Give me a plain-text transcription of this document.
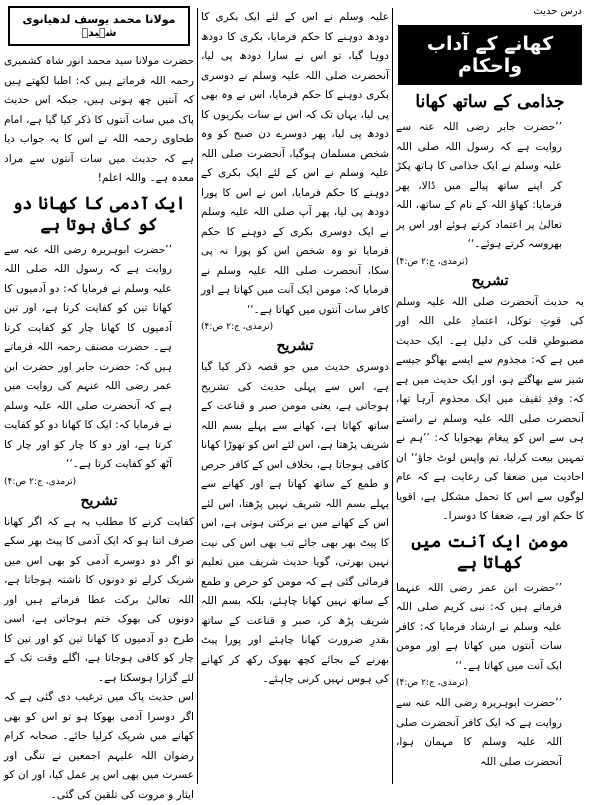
درس حدیث
کھانے کے آداب واحکام
جذامی کے ساتھ کھانا

’’حضرت جابر رضی اللہ عنہ سے روایت ہے کہ رسول اللہ صلی اللہ علیہ وسلم نے ایک جذامی کا ہاتھ پکڑ کر اپنے ساتھ پیالے میں ڈالا، پھر فرمایا: کھاؤ اللہ کے نام کے ساتھ، اللہ تعالیٰ پر اعتماد کرتے ہوئے اور اس پر بھروسہ کرتے ہوئے۔‘‘

(ترمذی، ج:۲ ص:۴)
تشریح

یہ حدیث آنحضرت صلی اللہ علیہ وسلم کی قوتِ توکل، اعتمادِ علی اللہ اور مضبوطیِ قلب کی دلیل ہے۔ ایک حدیث میں ہے کہ: مجذوم سے ایسے بھاگو جیسے شیر سے بھاگتے ہو، اور ایک حدیث میں ہے کہ: وفدِ ثقیف میں ایک مجذوم آرہا تھا، آنحضرت صلی اللہ علیہ وسلم نے راستے ہی سے اس کو پیغام بھجوایا کہ: ’’ہم نے تمہیں بیعت کرلیا، تم واپس لوٹ جاؤ‘‘ ان احادیث میں ضعفا کی رعایت ہے کہ عام لوگوں سے اس کا تحمل مشکل ہے، اقویا کا حکم اور ہے، ضعفا کا دوسرا۔

مومن ایک آنت میں کھاتا ہے

’’حضرت ابن عمر رضی اللہ عنہما فرماتے ہیں کہ: نبی کریم صلی اللہ علیہ وسلم نے ارشاد فرمایا کہ: کافر سات آنتوں میں کھاتا ہے اور مومن ایک آنت میں کھاتا ہے۔‘‘

(ترمذی، ج:۲ ص:۴)

’’حضرت ابوہریرہ رضی اللہ عنہ سے روایت ہے کہ ایک کافر آنحضرت صلی اللہ علیہ وسلم کا مہمان ہوا، آنحضرت صلی اللہ

علیہ وسلم نے اس کے لئے ایک بکری کا دودھ دوہنے کا حکم فرمایا، بکری کا دودھ دوہا گیا، تو اس نے سارا دودھ پی لیا، آنحضرت صلی اللہ علیہ وسلم نے دوسری بکری دوہنے کا حکم فرمایا، اس نے وہ بھی پی لیا، یہاں تک کہ اس نے سات بکریوں کا دودھ پی لیا، پھر دوسرے دن صبح کو وہ شخص مسلمان ہوگیا، آنحضرت صلی اللہ علیہ وسلم نے اس کے لئے ایک بکری کے دوہنے کا حکم فرمایا، اس نے اس کا پورا دودھ پی لیا، پھر آپ صلی اللہ علیہ وسلم نے ایک دوسری بکری کے دوہنے کا حکم فرمایا تو وہ شخص اس کو پورا نہ پی سکا، آنحضرت صلی اللہ علیہ وسلم نے فرمایا کہ: مومن ایک آنت میں کھاتا ہے اور کافر سات آنتوں میں کھاتا ہے۔‘‘

(ترمذی، ج:۲ ص:۴)
تشریح

دوسری حدیث میں جو قصہ ذکر کیا گیا ہے، اس سے پہلی حدیث کی تشریح ہوجاتی ہے، یعنی مومن صبر و قناعت کے ساتھ کھاتا ہے، کھانے سے پہلے بسم اللہ شریف پڑھتا ہے، اس لئے اس کو تھوڑا کھانا کافی ہوجاتا ہے، بخلاف اس کے کافر حرص و طمع کے ساتھ کھاتا ہے اور کھانے سے پہلے بسم اللہ شریف نہیں پڑھتا، اس لئے اس کے کھانے میں بے برکتی ہوتی ہے، اس کا پیٹ بھر بھی جائے تب بھی اس کی نیت نہیں بھرتی، گویا حدیث شریف میں تعلیم فرمائی گئی ہے کہ مومن کو حرص و طمع کے ساتھ نہیں کھانا چاہئے، بلکہ بسم اللہ شریف پڑھ کر، صبر و قناعت کے ساتھ بقدرِ ضرورت کھانا چاہئے اور پورا پیٹ بھرنے کے بجائے کچھ بھوک رکھ کر کھانے کی ہوس نہیں کرنی چاہئے۔

مولانا محمد یوسف لدھیانوی شہیدؒ

حضرت مولانا سید محمد انور شاہ کشمیری رحمہ اللہ فرماتے ہیں کہ: اطبا لکھتے ہیں کہ آنتیں چھ ہوتی ہیں، جبکہ اس حدیث پاک میں سات آنتوں کا ذکر کیا گیا ہے، امام طحاوی رحمہ اللہ نے اس کا یہ جواب دیا ہے کہ حدیث میں سات آنتوں سے مراد معدہ ہے۔ واللہ اعلم!

ایک آدمی کا کھانا دو کو کافی ہوتا ہے

’’حضرت ابوہریرہ رضی اللہ عنہ سے روایت ہے کہ رسول اللہ صلی اللہ علیہ وسلم نے فرمایا کہ: دو آدمیوں کا کھانا تین کو کفایت کرتا ہے، اور تین آدمیوں کا کھانا چار کو کفایت کرتا ہے۔ حضرت مصنف رحمہ اللہ فرماتے ہیں کہ: حضرت جابر اور حضرت ابن عمر رضی اللہ عنہم کی روایت میں ہے کہ آنحضرت صلی اللہ علیہ وسلم نے فرمایا کہ: ایک کا کھانا دو کو کفایت کرتا ہے، اور دو کا چار کو اور چار کا آٹھ کو کفایت کرتا ہے۔‘‘

(ترمذی، ج:۲ ص:۴)
تشریح

کفایت کرنے کا مطلب یہ ہے کہ اگر کھانا صرف اتنا ہو کہ ایک آدمی کا پیٹ بھر سکے تو اگر دو دوسرے آدمی کو بھی اس میں شریک کرلے تو دونوں کا ناشتہ ہوجاتا ہے، اللہ تعالیٰ برکت عطا فرماتے ہیں اور دونوں کی بھوک ختم ہوجاتی ہے، اسی طرح دو آدمیوں کا کھانا تین کو اور تین کا چار کو کافی ہوجاتا ہے، اگلے وقت تک کے لئے گزارا ہوسکتا ہے۔

اس حدیث پاک میں ترغیب دی گئی ہے کہ اگر دوسرا آدمی بھوکا ہو تو اس کو بھی کھانے میں شریک کرلیا جائے۔ صحابہ کرام رضوان اللہ علیہم اجمعین نے تنگی اور عسرت میں بھی اس پر عمل کیا، اور ان کو ایثار و مروت کی تلقین کی گئی۔
